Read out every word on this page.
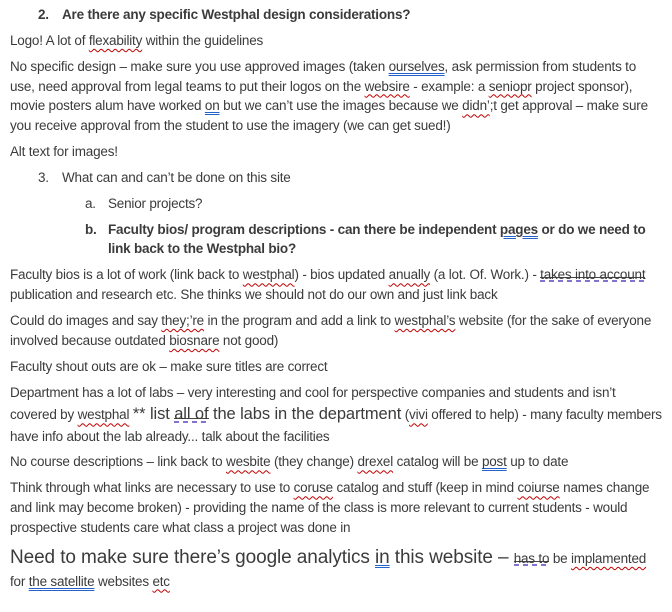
2. Are there any specific Westphal design considerations?
Logo! A lot of flexability within the guidelines
No specific design – make sure you use approved images (taken ourselves, ask permission from students to use, need approval from legal teams to put their logos on the websire - example: a seniopr project sponsor), movie posters alum have worked on but we can’t use the images because we didn’;t get approval – make sure you receive approval from the student to use the imagery (we can get sued!)
Alt text for images!
3. What can and can’t be done on this site
a. Senior projects?
b. Faculty bios/ program descriptions - can there be independent pages or do we need to link back to the Westphal bio?
Faculty bios is a lot of work (link back to westphal) - bios updated anually (a lot. Of. Work.) - takes into account publication and research etc. She thinks we should not do our own and just link back
Could do images and say they;’re in the program and add a link to westphal’s website (for the sake of everyone involved because outdated biosnare not good)
Faculty shout outs are ok – make sure titles are correct
Department has a lot of labs – very interesting and cool for perspective companies and students and isn’t covered by westphal ** list all of the labs in the department (vivi offered to help) - many faculty members have info about the lab already... talk about the facilities
No course descriptions – link back to wesbite (they change) drexel catalog will be post up to date
Think through what links are necessary to use to coruse catalog and stuff (keep in mind coiurse names change and link may become broken) - providing the name of the class is more relevant to current students - would prospective students care what class a project was done in
Need to make sure there’s google analytics in this website – has to be implamented for the satellite websites etc
